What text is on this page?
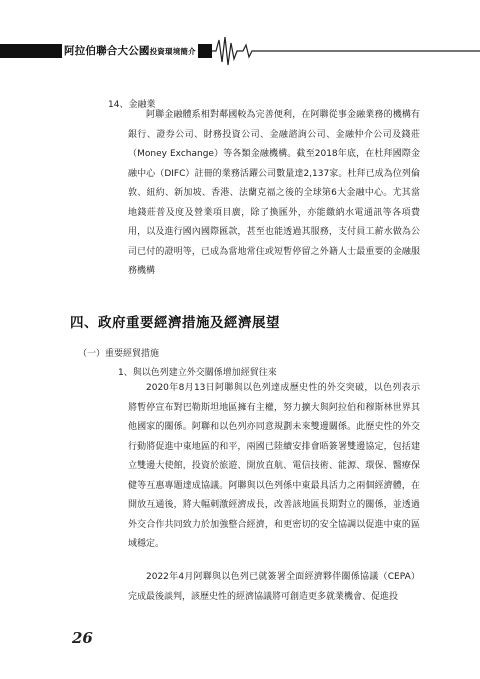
阿拉伯聯合大公國投資環境簡介
14、金融業

阿聯金融體系相對鄰國較為完善便利，在阿聯從事金融業務的機構有銀行、證券公司、財務投資公司、金融諮詢公司、金融仲介公司及錢莊（Money Exchange）等各類金融機構。截至2018年底，在杜拜國際金融中心（DIFC）註冊的業務活躍公司數量達2,137家。杜拜已成為位列倫敦、紐約、新加坡、香港、法蘭克福之後的全球第6大金融中心。尤其當地錢莊普及度及營業項目廣，除了換匯外，亦能繳納水電通訊等各項費用，以及進行國內國際匯款，甚至也能透過其服務，支付員工薪水做為公司已付的證明等，已成為當地常住或短暫停留之外籍人士最重要的金融服務機構

四、政府重要經濟措施及經濟展望
（一）重要經貿措施
1、與以色列建立外交關係增加經貿往來

2020年8月13日阿聯與以色列達成歷史性的外交突破，以色列表示將暫停宣布對巴勒斯坦地區擁有主權，努力擴大與阿拉伯和穆斯林世界其他國家的關係。阿聯和以色列亦同意規劃未來雙邊關係。此歷史性的外交行動將促進中東地區的和平，兩國已陸續安排會晤簽署雙邊協定，包括建立雙邊大使館，投資於旅遊、開放直航、電信技術、能源、環保、醫療保健等互惠專題達成協議。阿聯與以色列係中東最具活力之兩個經濟體，在開放互通後，將大幅刺激經濟成長，改善該地區長期對立的關係，並透過外交合作共同致力於加強整合經濟，和更密切的安全協調以促進中東的區域穩定。

2022年4月阿聯與以色列已就簽署全面經濟夥伴關係協議（CEPA）完成最後談判，該歷史性的經濟協議將可創造更多就業機會、促進投

26
